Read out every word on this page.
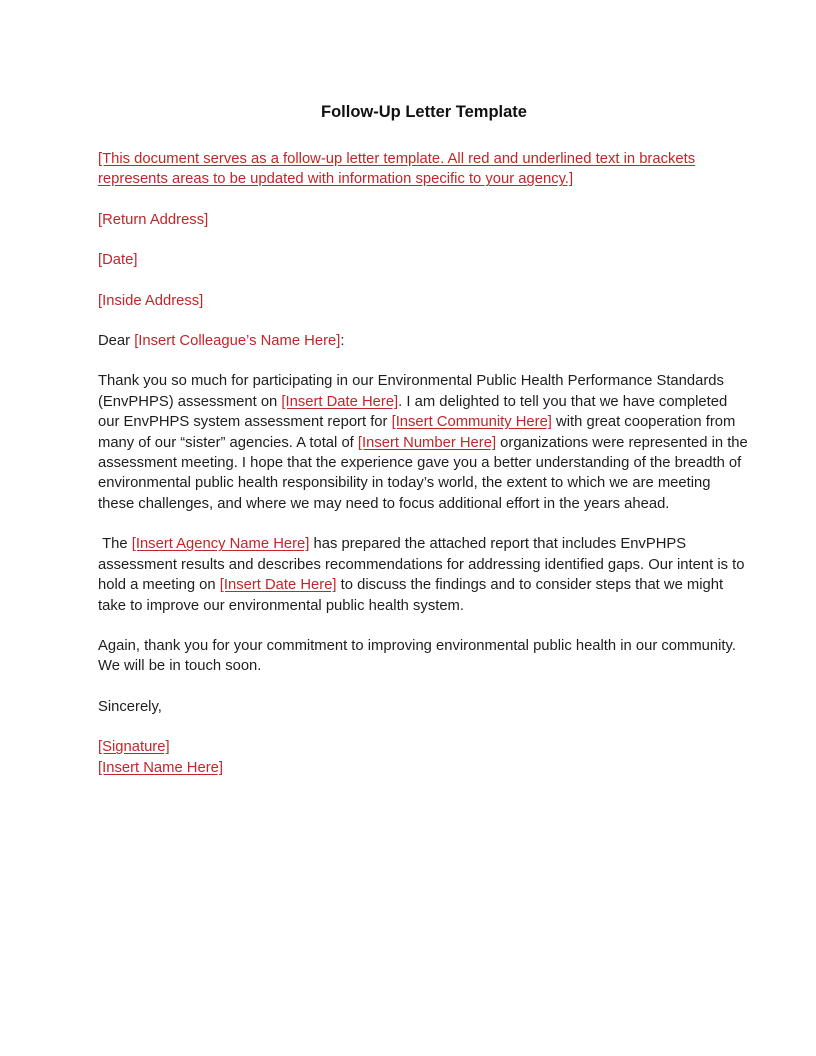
Follow-Up Letter Template

[This document serves as a follow-up letter template. All red and underlined text in brackets represents areas to be updated with information specific to your agency.]

[Return Address]

[Date]

[Inside Address]

Dear [Insert Colleague’s Name Here]:

Thank you so much for participating in our Environmental Public Health Performance Standards (EnvPHPS) assessment on [Insert Date Here]. I am delighted to tell you that we have completed our EnvPHPS system assessment report for [Insert Community Here] with great cooperation from many of our “sister” agencies. A total of [Insert Number Here] organizations were represented in the assessment meeting. I hope that the experience gave you a better understanding of the breadth of environmental public health responsibility in today’s world, the extent to which we are meeting these challenges, and where we may need to focus additional effort in the years ahead.

The [Insert Agency Name Here] has prepared the attached report that includes EnvPHPS assessment results and describes recommendations for addressing identified gaps. Our intent is to hold a meeting on [Insert Date Here] to discuss the findings and to consider steps that we might take to improve our environmental public health system.

Again, thank you for your commitment to improving environmental public health in our community. We will be in touch soon.

Sincerely,

[Signature]
[Insert Name Here]
